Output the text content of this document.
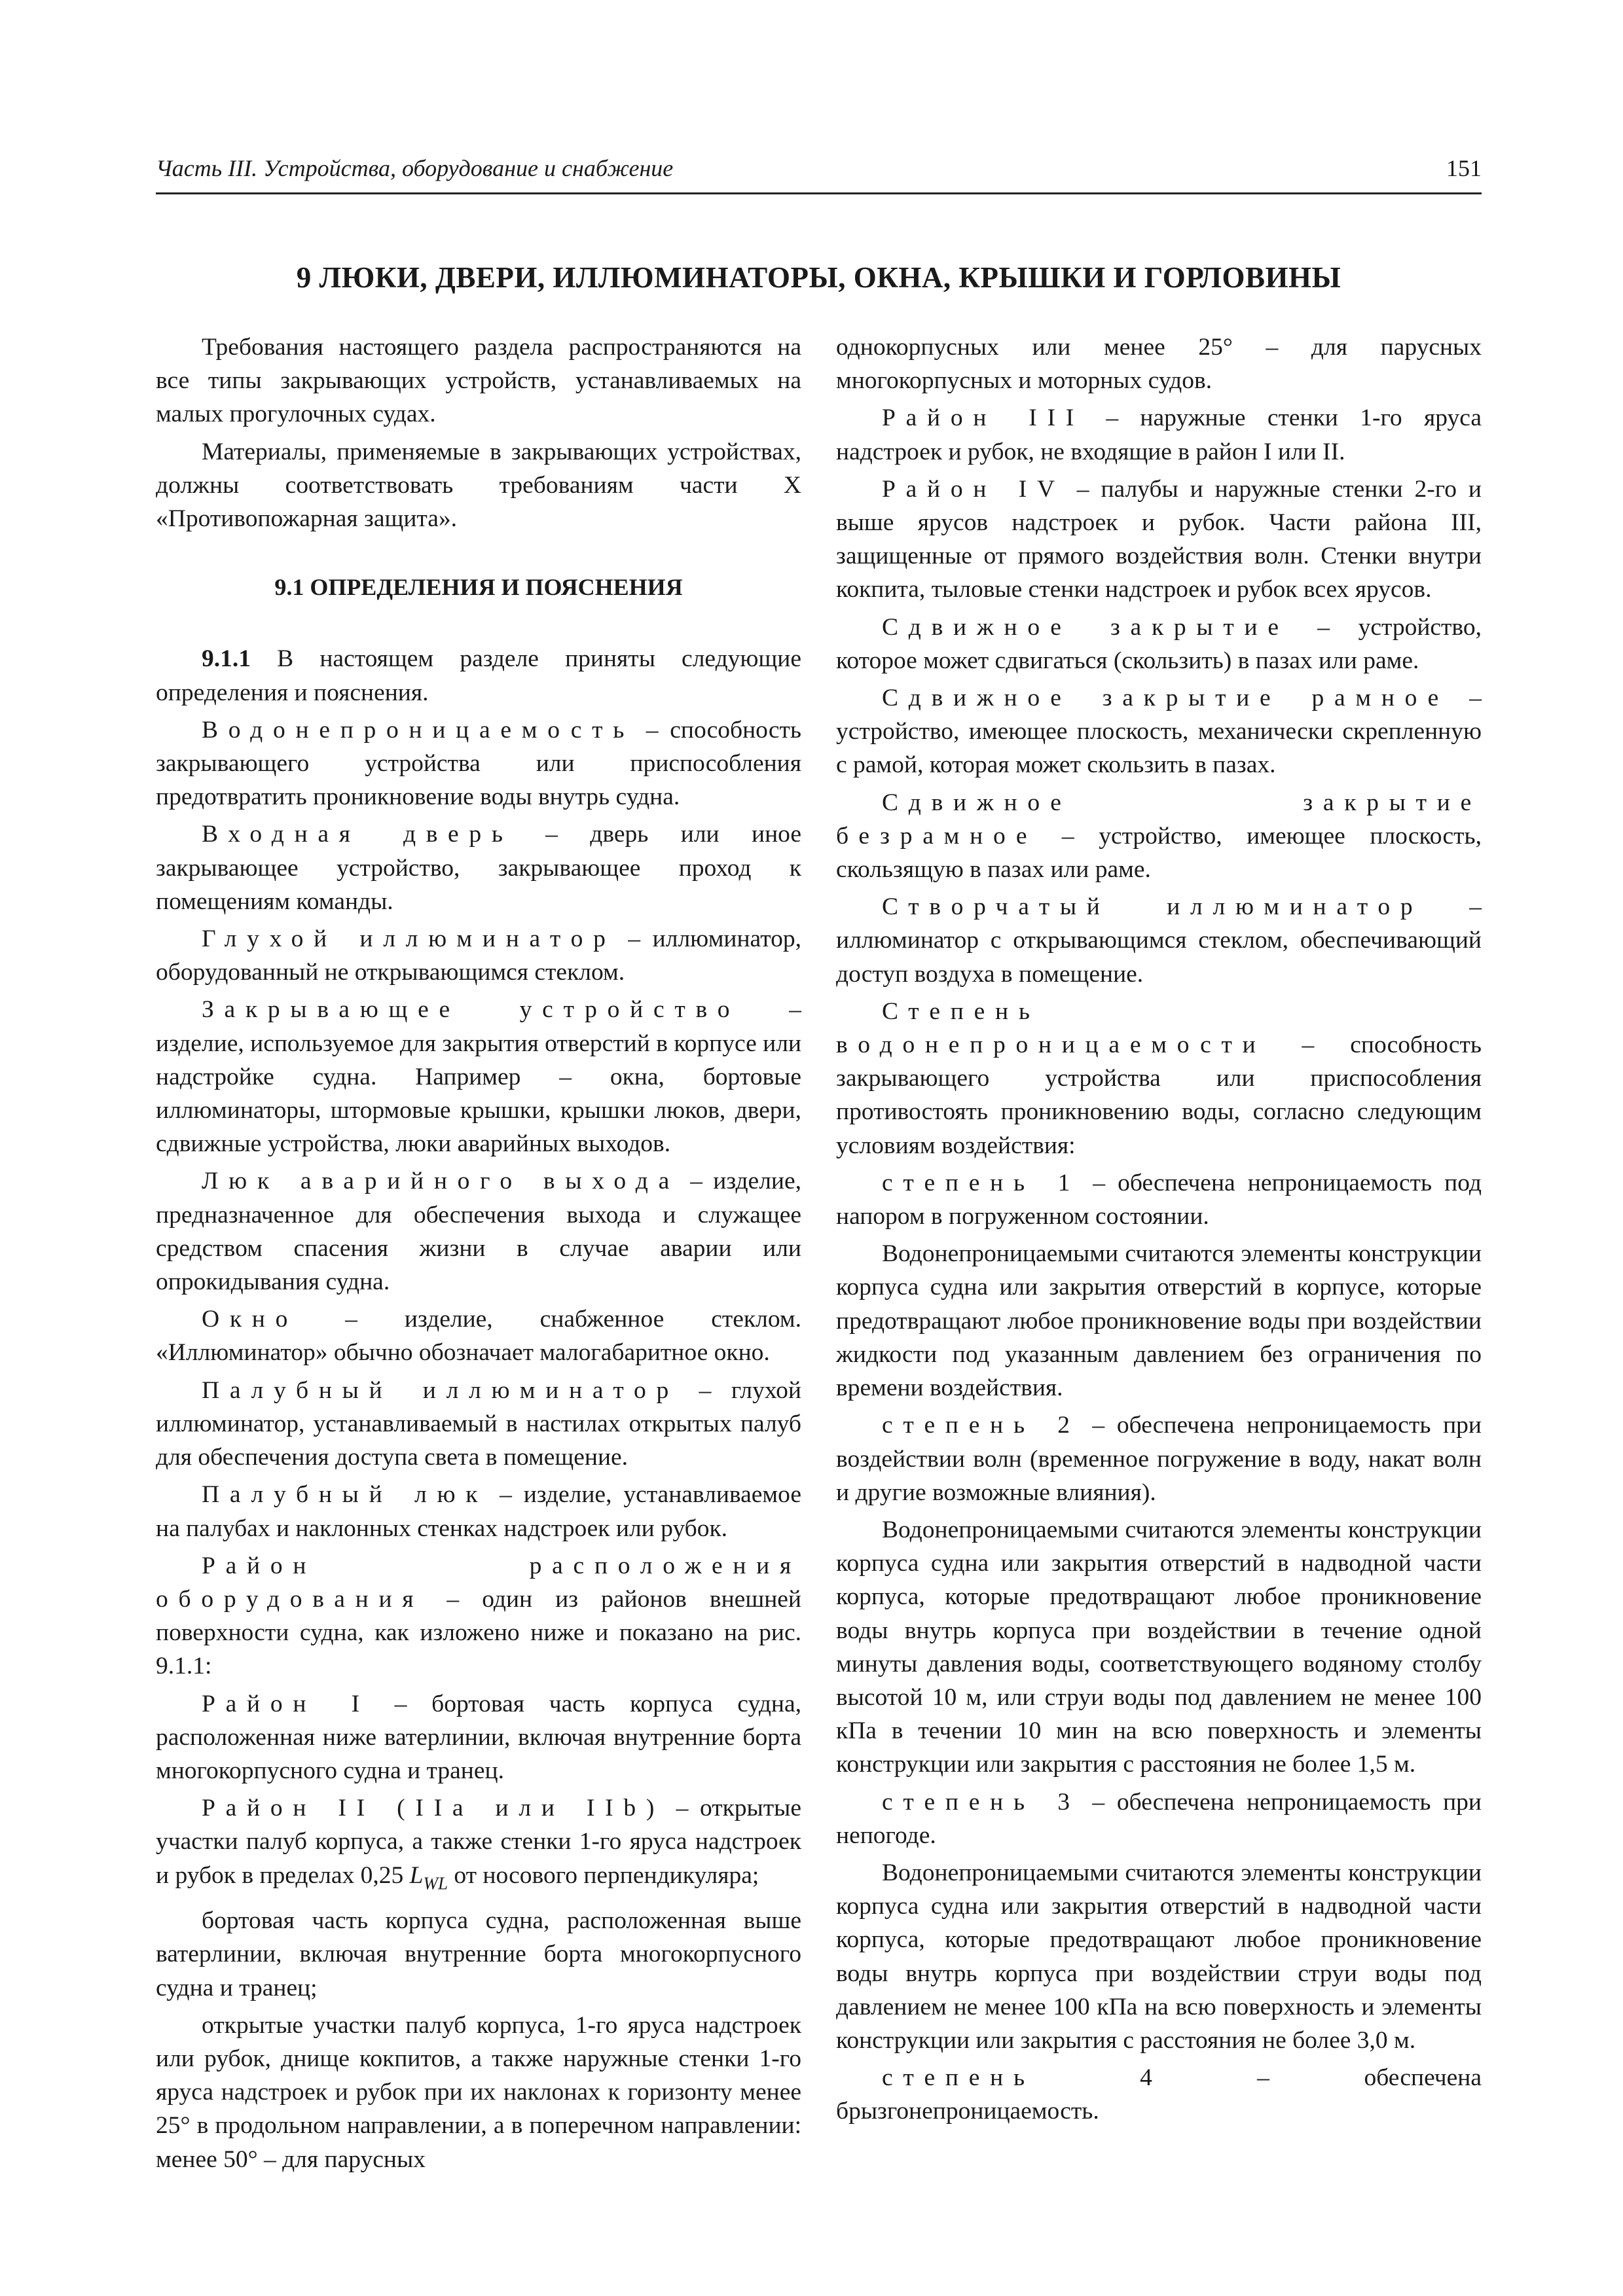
Часть III. Устройства, оборудование и снабжение	151
9 ЛЮКИ, ДВЕРИ, ИЛЛЮМИНАТОРЫ, ОКНА, КРЫШКИ И ГОРЛОВИНЫ

Требования настоящего раздела распространяются на все типы закрывающих устройств, устанавливаемых на малых прогулочных судах.

Материалы, применяемые в закрывающих устройствах, должны соответствовать требованиям части X «Противопожарная защита».

9.1 ОПРЕДЕЛЕНИЯ И ПОЯСНЕНИЯ

9.1.1 В настоящем разделе приняты следующие определения и пояснения.

Водонепроницаемость – способность закрывающего устройства или приспособления предотвратить проникновение воды внутрь судна.

Входная дверь – дверь или иное закрывающее устройство, закрывающее проход к помещениям команды.

Глухой иллюминатор – иллюминатор, оборудованный не открывающимся стеклом.

Закрывающее устройство – изделие, используемое для закрытия отверстий в корпусе или надстройке судна. Например – окна, бортовые иллюминаторы, штормовые крышки, крышки люков, двери, сдвижные устройства, люки аварийных выходов.

Люк аварийного выхода – изделие, предназначенное для обеспечения выхода и служащее средством спасения жизни в случае аварии или опрокидывания судна.

Окно – изделие, снабженное стеклом. «Иллюминатор» обычно обозначает малогабаритное окно.

Палубный иллюминатор – глухой иллюминатор, устанавливаемый в настилах открытых палуб для обеспечения доступа света в помещение.

Палубный люк – изделие, устанавливаемое на палубах и наклонных стенках надстроек или рубок.

Район расположения оборудования – один из районов внешней поверхности судна, как изложено ниже и показано на рис. 9.1.1:

Район I – бортовая часть корпуса судна, расположенная ниже ватерлинии, включая внутренние борта многокорпусного судна и транец.

Район II (IIa или IIb) – открытые участки палуб корпуса, а также стенки 1-го яруса надстроек и рубок в пределах 0,25 $L_{WL}$ от носового перпендикуляра;

бортовая часть корпуса судна, расположенная выше ватерлинии, включая внутренние борта многокорпусного судна и транец;

открытые участки палуб корпуса, 1-го яруса надстроек или рубок, днище кокпитов, а также наружные стенки 1-го яруса надстроек и рубок при их наклонах к горизонту менее 25° в продольном направлении, а в поперечном направлении: менее 50° – для парусных

однокорпусных или менее 25° – для парусных многокорпусных и моторных судов.

Район III – наружные стенки 1-го яруса надстроек и рубок, не входящие в район I или II.

Район IV – палубы и наружные стенки 2-го и выше ярусов надстроек и рубок. Части района III, защищенные от прямого воздействия волн. Стенки внутри кокпита, тыловые стенки надстроек и рубок всех ярусов.

Сдвижное закрытие – устройство, которое может сдвигаться (скользить) в пазах или раме.

Сдвижное закрытие рамное – устройство, имеющее плоскость, механически скрепленную с рамой, которая может скользить в пазах.

Сдвижное закрытие безрамное – устройство, имеющее плоскость, скользящую в пазах или раме.

Створчатый иллюминатор – иллюминатор с открывающимся стеклом, обеспечивающий доступ воздуха в помещение.

Степень водонепроницаемости – способность закрывающего устройства или приспособления противостоять проникновению воды, согласно следующим условиям воздействия:

степень 1 – обеспечена непроницаемость под напором в погруженном состоянии.

Водонепроницаемыми считаются элементы конструкции корпуса судна или закрытия отверстий в корпусе, которые предотвращают любое проникновение воды при воздействии жидкости под указанным давлением без ограничения по времени воздействия.

степень 2 – обеспечена непроницаемость при воздействии волн (временное погружение в воду, накат волн и другие возможные влияния).

Водонепроницаемыми считаются элементы конструкции корпуса судна или закрытия отверстий в надводной части корпуса, которые предотвращают любое проникновение воды внутрь корпуса при воздействии в течение одной минуты давления воды, соответствующего водяному столбу высотой 10 м, или струи воды под давлением не менее 100 кПа в течении 10 мин на всю поверхность и элементы конструкции или закрытия с расстояния не более 1,5 м.

степень 3 – обеспечена непроницаемость при непогоде.

Водонепроницаемыми считаются элементы конструкции корпуса судна или закрытия отверстий в надводной части корпуса, которые предотвращают любое проникновение воды внутрь корпуса при воздействии струи воды под давлением не менее 100 кПа на всю поверхность и элементы конструкции или закрытия с расстояния не более 3,0 м.

степень 4 – обеспечена брызгонепроницаемость.
